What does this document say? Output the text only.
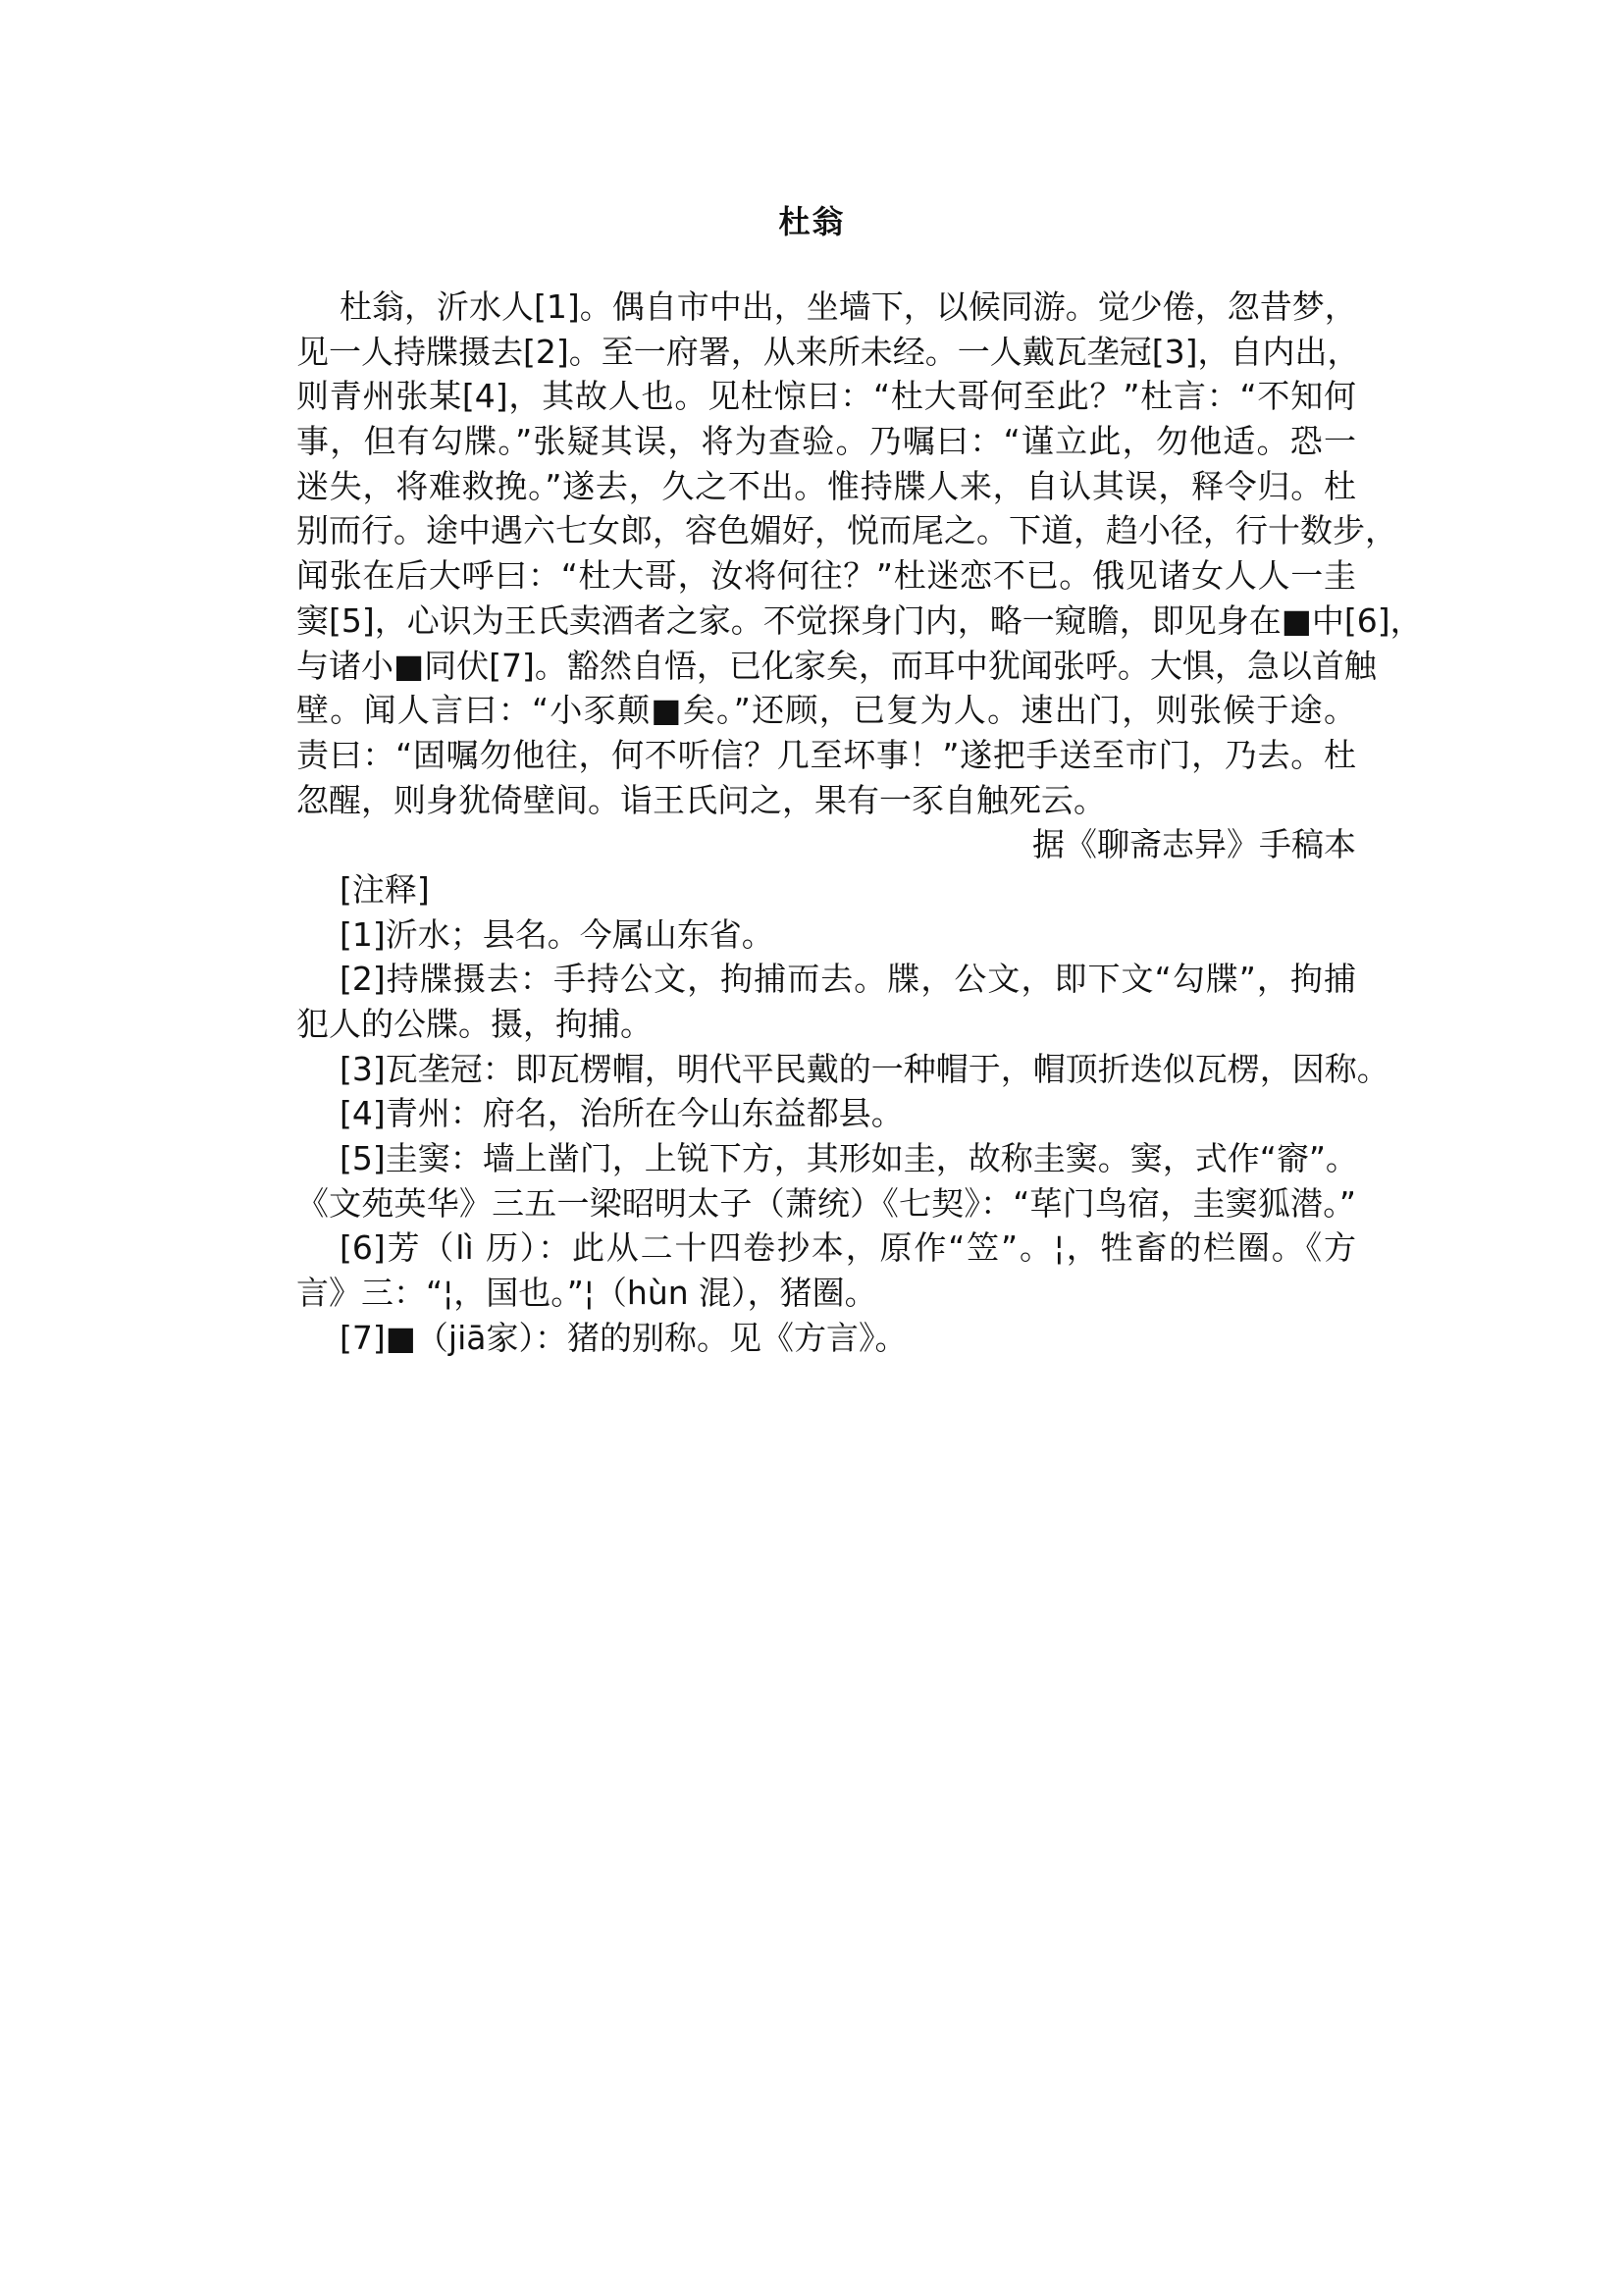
杜翁
杜翁，沂水人[1]。偶自市中出，坐墙下，以候同游。觉少倦，忽昔梦，
见一人持牒摄去[2]。至一府署，从来所未经。一人戴瓦垄冠[3]，自内出，
则青州张某[4]，其故人也。见杜惊曰：“杜大哥何至此？”杜言：“不知何
事，但有勾牒。”张疑其误，将为查验。乃嘱曰：“谨立此，勿他适。恐一
迷失，将难救挽。”遂去，久之不出。惟持牒人来，自认其误，释令归。杜
别而行。途中遇六七女郎，容色媚好，悦而尾之。下道，趋小径，行十数步，
闻张在后大呼曰：“杜大哥，汝将何往？”杜迷恋不已。俄见诸女人人一圭
窦[5]，心识为王氏卖酒者之家。不觉探身门内，略一窥瞻，即见身在■中[6]，
与诸小■同伏[7]。豁然自悟，已化家矣，而耳中犹闻张呼。大惧，急以首触
壁。闻人言曰：“小豕颠■矣。”还顾，已复为人。速出门，则张候于途。
责曰：“固嘱勿他往，何不听信？几至坏事！”遂把手送至市门，乃去。杜
忽醒，则身犹倚壁间。诣王氏问之，果有一豕自触死云。
据《聊斋志异》手稿本
[注释]
[1]沂水；县名。今属山东省。
[2]持牒摄去：手持公文，拘捕而去。牒，公文，即下文“勾牒”，拘捕
犯人的公牒。摄，拘捕。
[3]瓦垄冠：即瓦楞帽，明代平民戴的一种帽于，帽顶折迭似瓦楞，因称。
[4]青州：府名，治所在今山东益都县。
[5]圭窦：墙上凿门，上锐下方，其形如圭，故称圭窦。窦，式作“窬”。
《文苑英华》三五一梁昭明太子（萧统）《七契》：“荜门鸟宿，圭窦狐潜。”
[6]芳（lì 历）：此从二十四卷抄本，原作“笠”。¦，牲畜的栏圈。《方
言》三：“¦，国也。”¦（hùn 混），猪圈。
[7]■（jiā家）：猪的别称。见《方言》。
